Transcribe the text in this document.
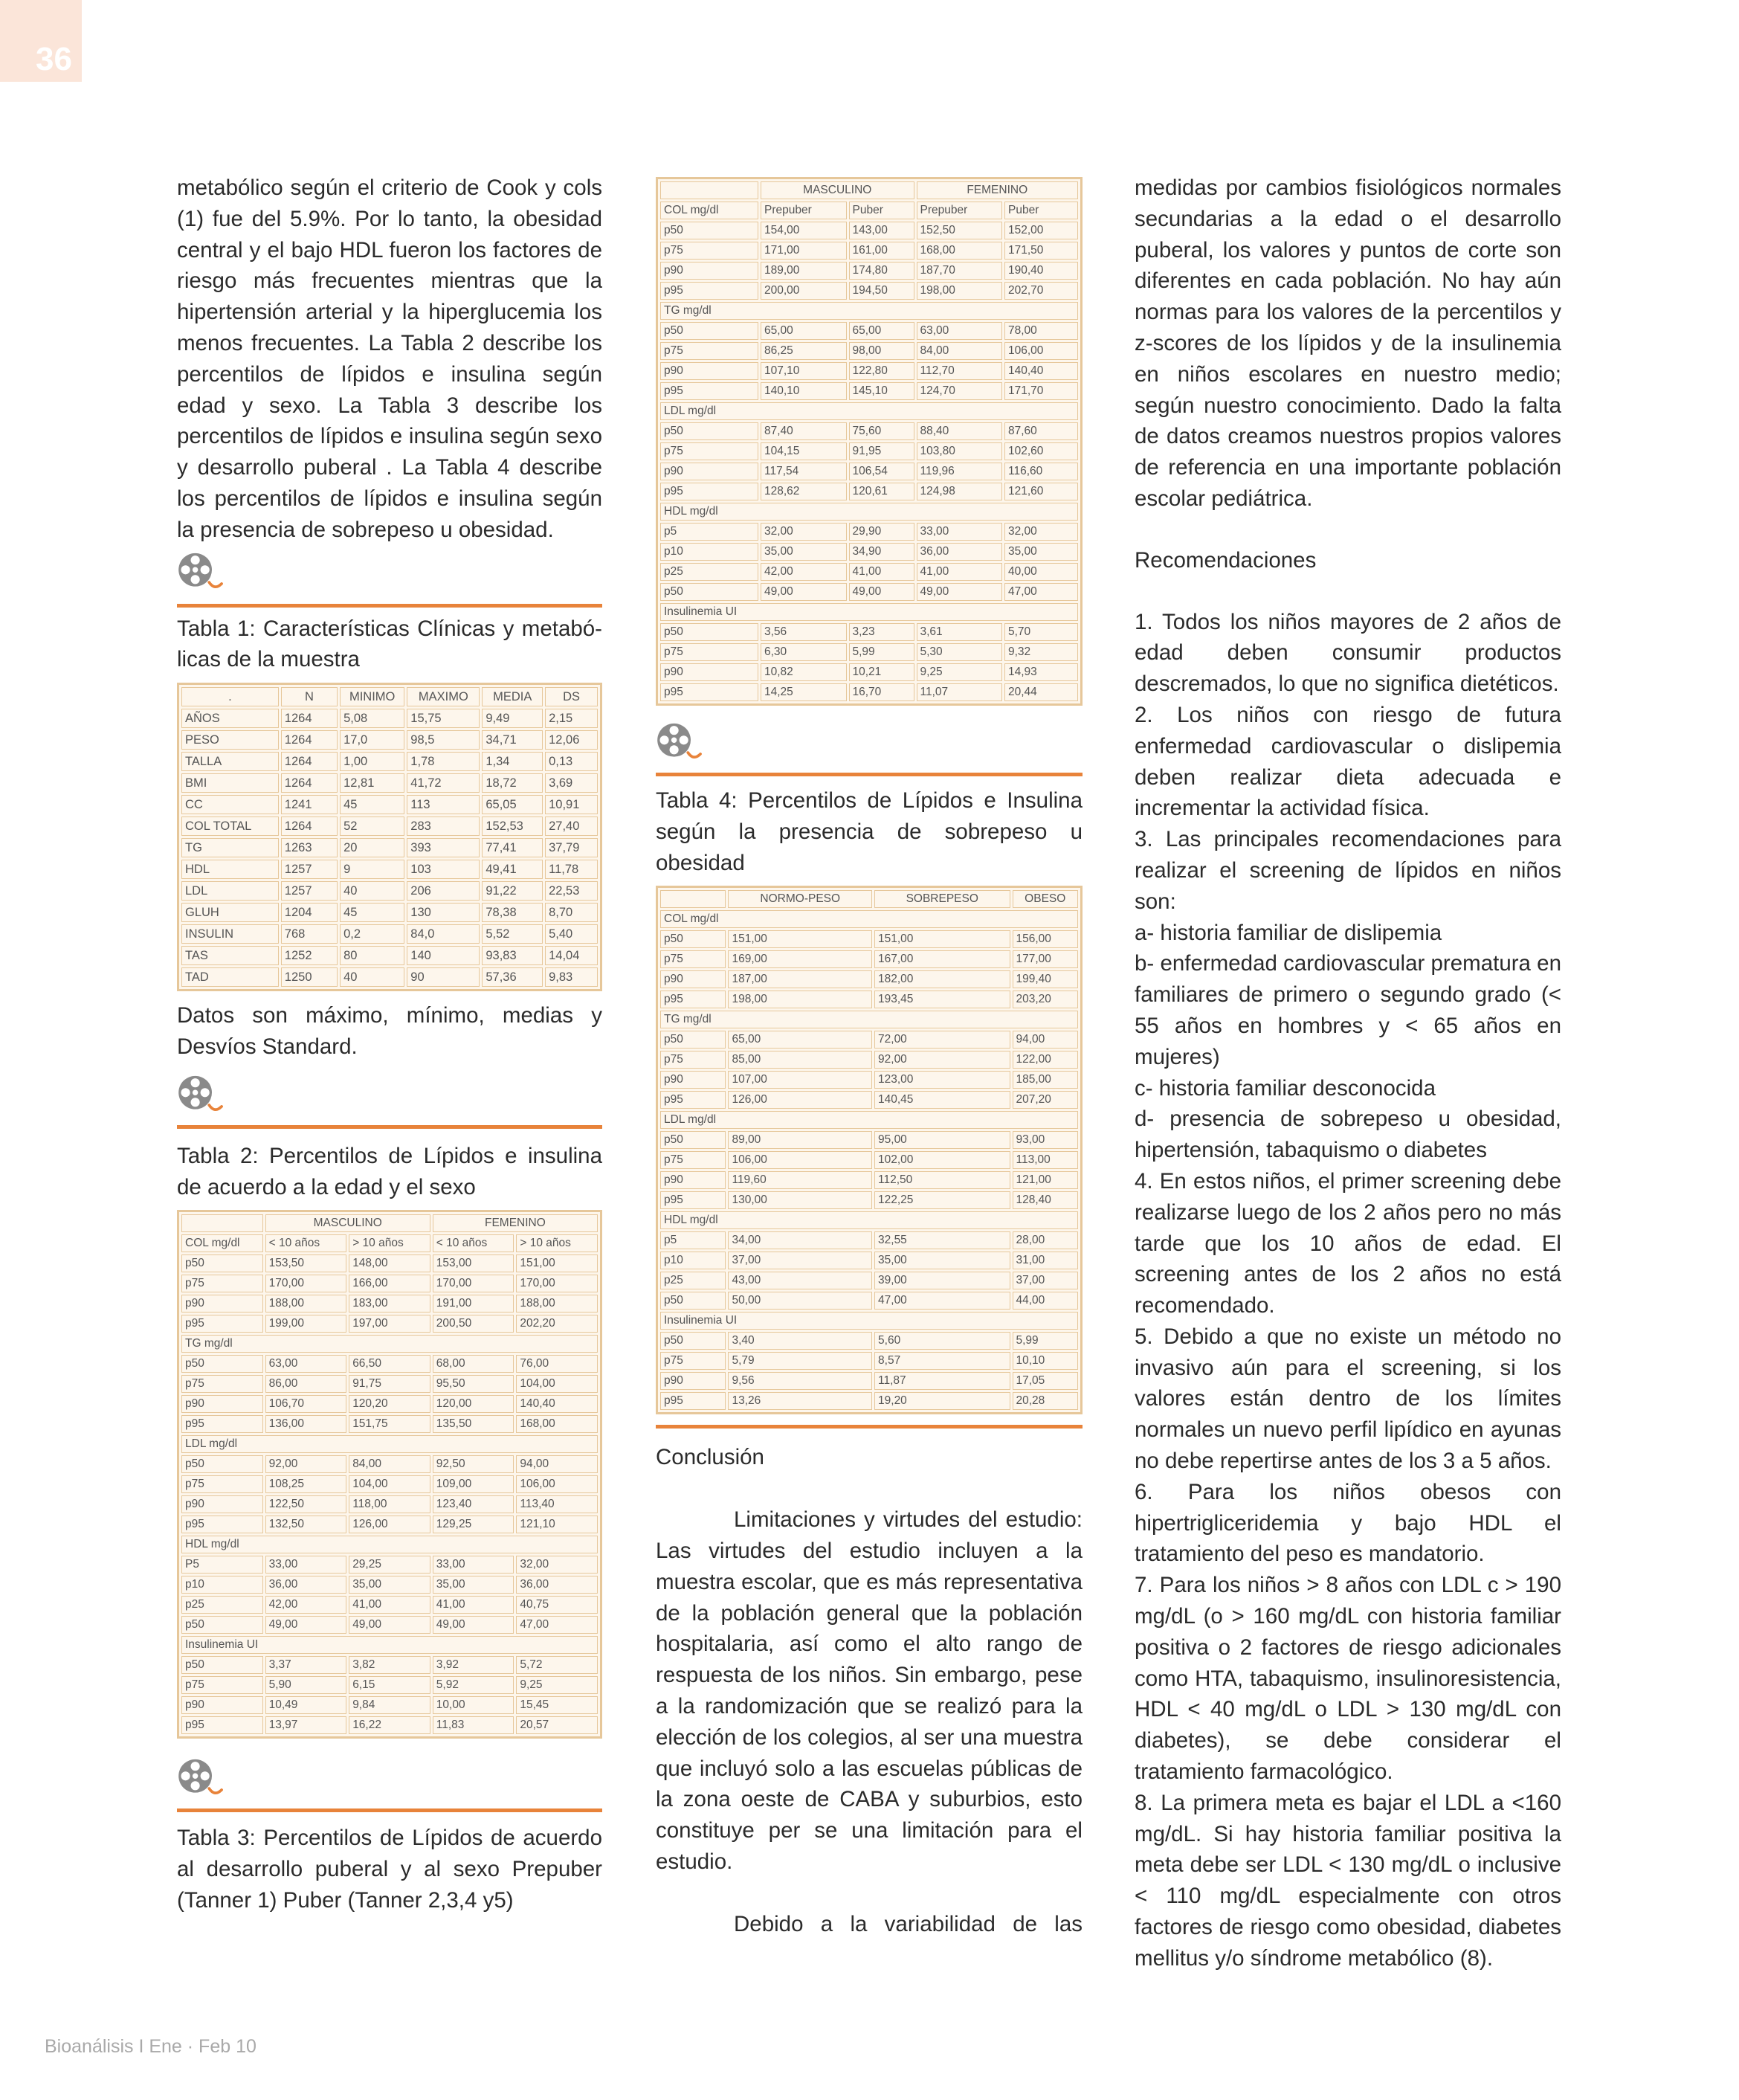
36

metabólico según el criterio de Cook y cols (1) fue del 5.9%. Por lo tanto, la obesidad central y el bajo HDL fueron los factores de riesgo más frecuentes mientras que la hipertensión arterial y la hiperglucemia los menos frecuentes. La Tabla 2 describe los percentilos de lípidos e insulina según edad y sexo. La Tabla 3 describe los percentilos de lípidos e insulina según sexo y desarrollo puberal . La Tabla 4 describe los percentilos de lípidos e insulina según la presencia de sobrepeso u obesidad.

Tabla 1: Características Clínicas y metabó-licas de la muestra

.	N	MINIMO	MAXIMO	MEDIA	DS
AÑOS	1264	5,08	15,75	9,49	2,15
PESO	1264	17,0	98,5	34,71	12,06
TALLA	1264	1,00	1,78	1,34	0,13
BMI	1264	12,81	41,72	18,72	3,69
CC	1241	45	113	65,05	10,91
COL TOTAL	1264	52	283	152,53	27,40
TG	1263	20	393	77,41	37,79
HDL	1257	9	103	49,41	11,78
LDL	1257	40	206	91,22	22,53
GLUH	1204	45	130	78,38	8,70
INSULIN	768	0,2	84,0	5,52	5,40
TAS	1252	80	140	93,83	14,04
TAD	1250	40	90	57,36	9,83

Datos son máximo, mínimo, medias y Desvíos Standard.

Tabla 2: Percentilos de Lípidos e insulina de acuerdo a la edad y el sexo

	MASCULINO		FEMENINO	
COL mg/dl	< 10 años	> 10 años	< 10 años	> 10 años
p50	153,50	148,00	153,00	151,00
p75	170,00	166,00	170,00	170,00
p90	188,00	183,00	191,00	188,00
p95	199,00	197,00	200,50	202,20
TG mg/dl				
p50	63,00	66,50	68,00	76,00
p75	86,00	91,75	95,50	104,00
p90	106,70	120,20	120,00	140,40
p95	136,00	151,75	135,50	168,00
LDL mg/dl				
p50	92,00	84,00	92,50	94,00
p75	108,25	104,00	109,00	106,00
p90	122,50	118,00	123,40	113,40
p95	132,50	126,00	129,25	121,10
HDL mg/dl				
P5	33,00	29,25	33,00	32,00
p10	36,00	35,00	35,00	36,00
p25	42,00	41,00	41,00	40,75
p50	49,00	49,00	49,00	47,00
Insulinemia UI				
p50	3,37	3,82	3,92	5,72
p75	5,90	6,15	5,92	9,25
p90	10,49	9,84	10,00	15,45
p95	13,97	16,22	11,83	20,57

Tabla 3: Percentilos de Lípidos de acuerdo al desarrollo puberal y al sexo Prepuber (Tanner 1) Puber (Tanner 2,3,4 y5)

	MASCULINO		FEMENINO	
COL mg/dl	Prepuber	Puber	Prepuber	Puber
p50	154,00	143,00	152,50	152,00
p75	171,00	161,00	168,00	171,50
p90	189,00	174,80	187,70	190,40
p95	200,00	194,50	198,00	202,70
TG mg/dl				
p50	65,00	65,00	63,00	78,00
p75	86,25	98,00	84,00	106,00
p90	107,10	122,80	112,70	140,40
p95	140,10	145,10	124,70	171,70
LDL mg/dl				
p50	87,40	75,60	88,40	87,60
p75	104,15	91,95	103,80	102,60
p90	117,54	106,54	119,96	116,60
p95	128,62	120,61	124,98	121,60
HDL mg/dl				
p5	32,00	29,90	33,00	32,00
p10	35,00	34,90	36,00	35,00
p25	42,00	41,00	41,00	40,00
p50	49,00	49,00	49,00	47,00
Insulinemia UI				
p50	3,56	3,23	3,61	5,70
p75	6,30	5,99	5,30	9,32
p90	10,82	10,21	9,25	14,93
p95	14,25	16,70	11,07	20,44

Tabla 4: Percentilos de Lípidos e Insulina según la presencia de sobrepeso u obesidad

	NORMO-PESO	SOBREPESO	OBESO
COL mg/dl			
p50	151,00	151,00	156,00
p75	169,00	167,00	177,00
p90	187,00	182,00	199,40
p95	198,00	193,45	203,20
TG mg/dl			
p50	65,00	72,00	94,00
p75	85,00	92,00	122,00
p90	107,00	123,00	185,00
p95	126,00	140,45	207,20
LDL mg/dl			
p50	89,00	95,00	93,00
p75	106,00	102,00	113,00
p90	119,60	112,50	121,00
p95	130,00	122,25	128,40
HDL mg/dl			
p5	34,00	32,55	28,00
p10	37,00	35,00	31,00
p25	43,00	39,00	37,00
p50	50,00	47,00	44,00
Insulinemia UI			
p50	3,40	5,60	5,99
p75	5,79	8,57	10,10
p90	9,56	11,87	17,05
p95	13,26	19,20	20,28

Conclusión

Limitaciones y virtudes del estudio: Las virtudes del estudio incluyen a la muestra escolar, que es más representativa de la población general que la población hospitalaria, así como el alto rango de respuesta de los niños. Sin embargo, pese a la randomización que se realizó para la elección de los colegios, al ser una muestra que incluyó solo a las escuelas públicas de la zona oeste de CABA y suburbios, esto constituye per se una limitación para el estudio.

Debido a la variabilidad de las

medidas por cambios fisiológicos normales secundarias a la edad o el desarrollo puberal, los valores y puntos de corte son diferentes en cada población. No hay aún normas para los valores de la percentilos y z-scores de los lípidos y de la insulinemia en niños escolares en nuestro medio; según nuestro conocimiento. Dado la falta de datos creamos nuestros propios valores de referencia en una importante población escolar pediátrica.

Recomendaciones

1. Todos los niños mayores de 2 años de edad deben consumir productos descremados, lo que no significa dietéticos.

2. Los niños con riesgo de futura enfermedad cardiovascular o dislipemia deben realizar dieta adecuada e incrementar la actividad física.

3. Las principales recomendaciones para realizar el screening de lípidos en niños son:

a- historia familiar de dislipemia

b- enfermedad cardiovascular prematura en familiares de primero o segundo grado (< 55 años en hombres y < 65 años en mujeres)

c- historia familiar desconocida

d- presencia de sobrepeso u obesidad, hipertensión, tabaquismo o diabetes

4. En estos niños, el primer screening debe realizarse luego de los 2 años pero no más tarde que los 10 años de edad. El screening antes de los 2 años no está recomendado.

5. Debido a que no existe un método no invasivo aún para el screening, si los valores están dentro de los límites normales un nuevo perfil lipídico en ayunas no debe repertirse antes de los 3 a 5 años.

6. Para los niños obesos con hipertrigliceridemia y bajo HDL el tratamiento del peso es mandatorio.

7. Para los niños > 8 años con LDL c > 190 mg/dL (o > 160 mg/dL con historia familiar positiva o 2 factores de riesgo adicionales como HTA, tabaquismo, insulinoresistencia, HDL < 40 mg/dL o LDL > 130 mg/dL con diabetes), se debe considerar el tratamiento farmacológico.

8. La primera meta es bajar el LDL a <160 mg/dL. Si hay historia familiar positiva la meta debe ser LDL < 130 mg/dL o inclusive < 110 mg/dL especialmente con otros factores de riesgo como obesidad, diabetes mellitus y/o síndrome metabólico (8).

Bioanálisis I Ene · Feb 10
